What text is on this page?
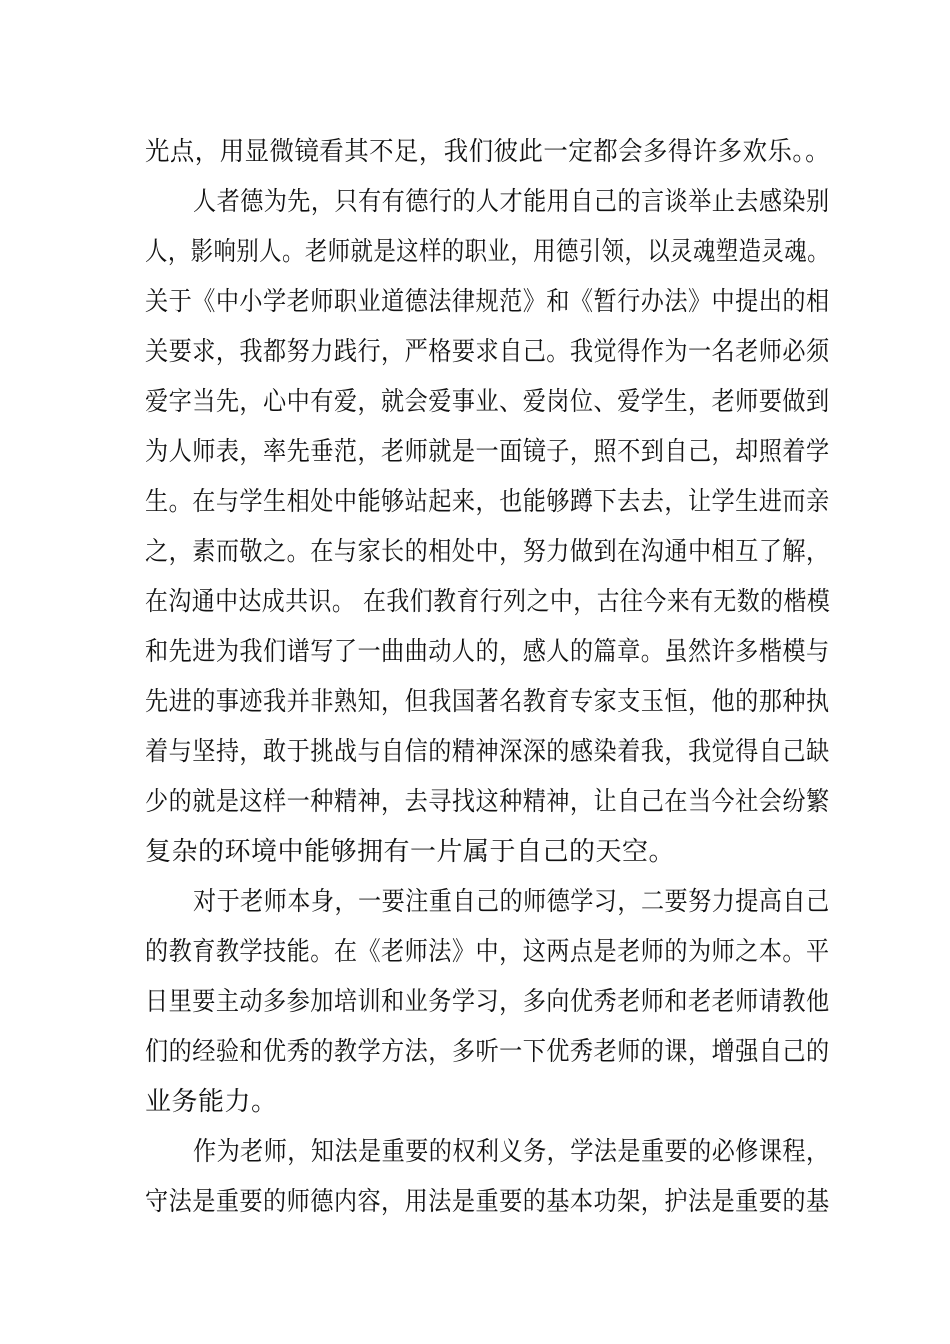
光点，用显微镜看其不足，我们彼此一定都会多得许多欢乐。。
人者德为先，只有有德行的人才能用自己的言谈举止去感染别
人，影响别人。老师就是这样的职业，用德引领，以灵魂塑造灵魂。
关于《中小学老师职业道德法律规范》和《暂行办法》中提出的相
关要求，我都努力践行，严格要求自己。我觉得作为一名老师必须
爱字当先，心中有爱，就会爱事业、爱岗位、爱学生，老师要做到
为人师表，率先垂范，老师就是一面镜子，照不到自己，却照着学
生。在与学生相处中能够站起来，也能够蹲下去去，让学生进而亲
之，素而敬之。在与家长的相处中，努力做到在沟通中相互了解，
在沟通中达成共识。 在我们教育行列之中，古往今来有无数的楷模
和先进为我们谱写了一曲曲动人的，感人的篇章。虽然许多楷模与
先进的事迹我并非熟知，但我国著名教育专家支玉恒，他的那种执
着与坚持，敢于挑战与自信的精神深深的感染着我，我觉得自己缺
少的就是这样一种精神，去寻找这种精神，让自己在当今社会纷繁
复杂的环境中能够拥有一片属于自己的天空。
对于老师本身，一要注重自己的师德学习，二要努力提高自己
的教育教学技能。在《老师法》中，这两点是老师的为师之本。平
日里要主动多参加培训和业务学习，多向优秀老师和老老师请教他
们的经验和优秀的教学方法，多听一下优秀老师的课，增强自己的
业务能力。
作为老师，知法是重要的权利义务，学法是重要的必修课程，
守法是重要的师德内容，用法是重要的基本功架，护法是重要的基
